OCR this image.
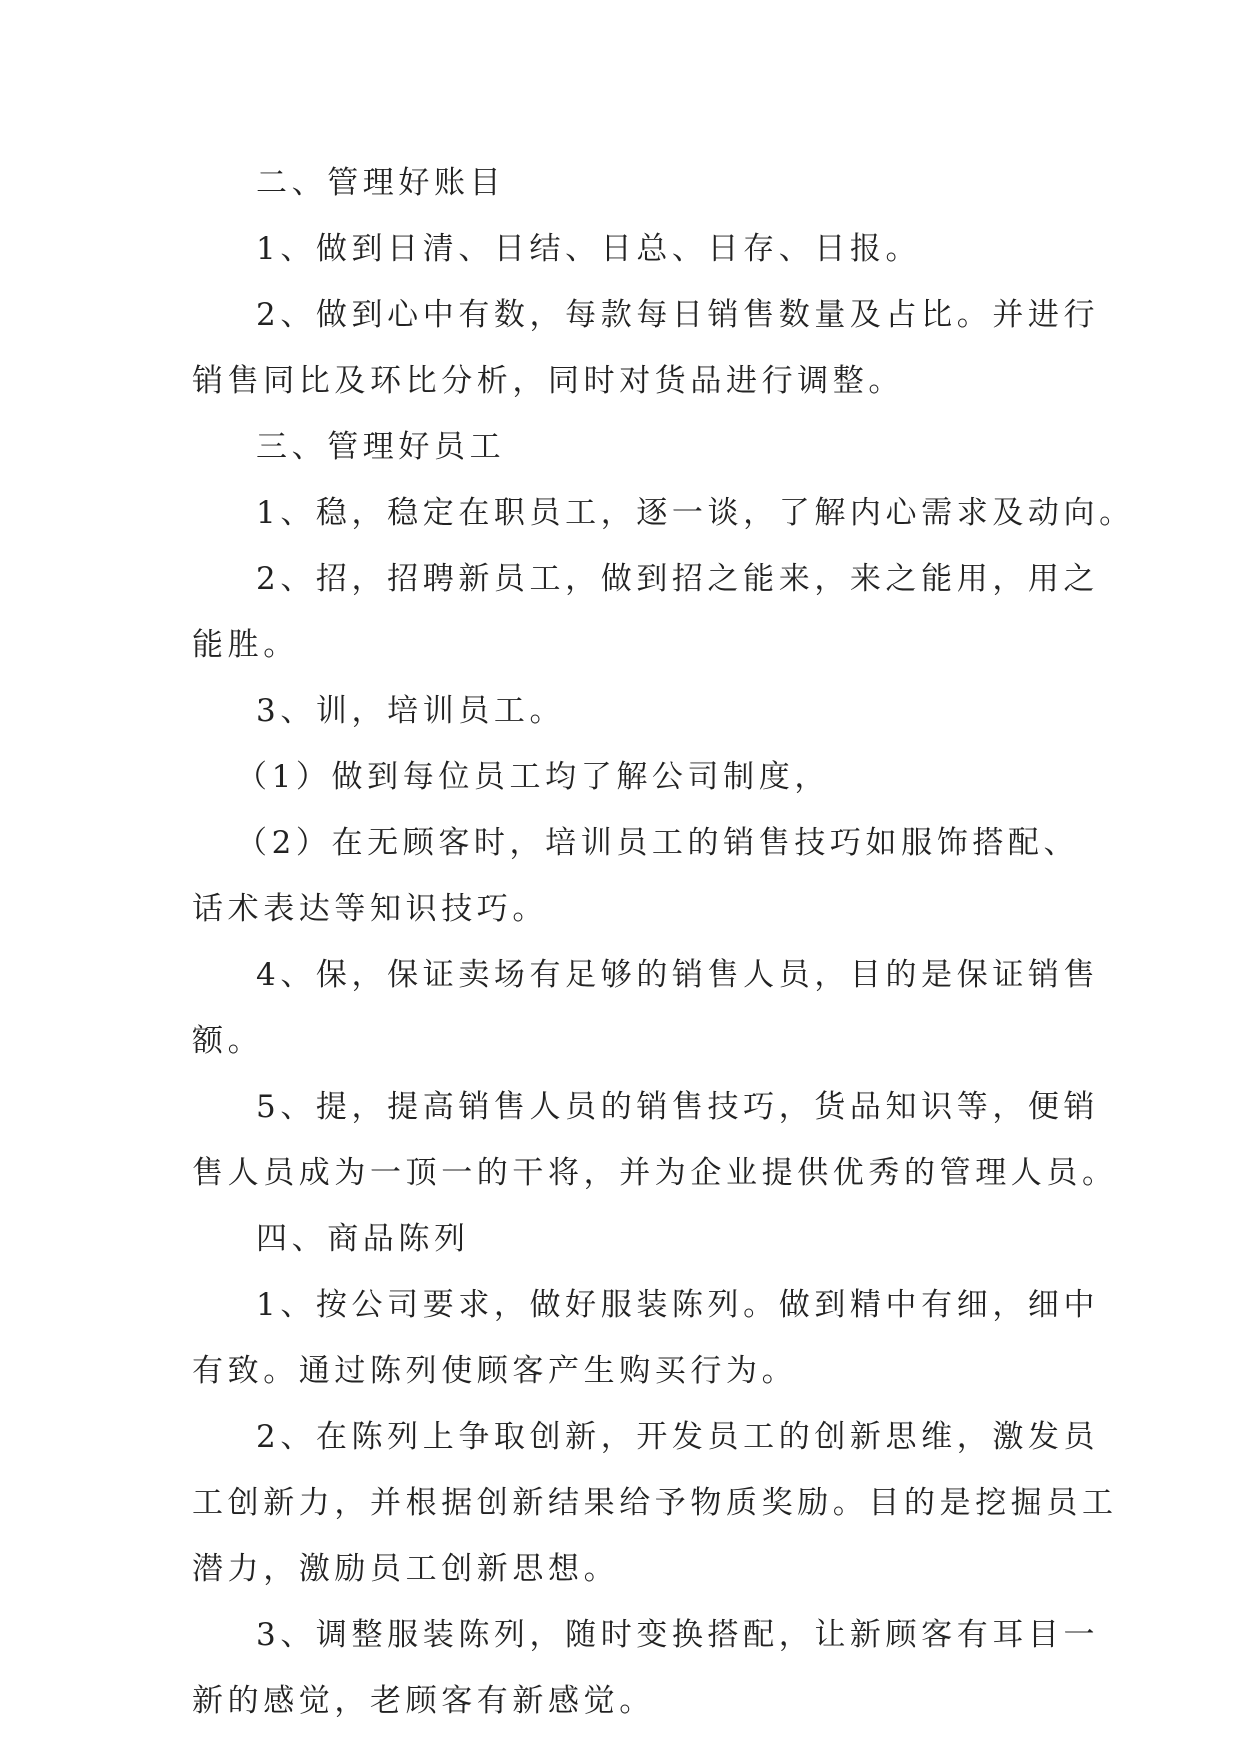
二、管理好账目
1、做到日清、日结、日总、日存、日报。
2、做到心中有数，每款每日销售数量及占比。并进行
销售同比及环比分析，同时对货品进行调整。
三、管理好员工
1、稳，稳定在职员工，逐一谈，了解内心需求及动向。
2、招，招聘新员工，做到招之能来，来之能用，用之
能胜。
3、训，培训员工。
（1）做到每位员工均了解公司制度，
（2）在无顾客时，培训员工的销售技巧如服饰搭配、
话术表达等知识技巧。
4、保，保证卖场有足够的销售人员，目的是保证销售
额。
5、提，提高销售人员的销售技巧，货品知识等，便销
售人员成为一顶一的干将，并为企业提供优秀的管理人员。
四、商品陈列
1、按公司要求，做好服装陈列。做到精中有细，细中
有致。通过陈列使顾客产生购买行为。
2、在陈列上争取创新，开发员工的创新思维，激发员
工创新力，并根据创新结果给予物质奖励。目的是挖掘员工
潜力，激励员工创新思想。
3、调整服装陈列，随时变换搭配，让新顾客有耳目一
新的感觉，老顾客有新感觉。
